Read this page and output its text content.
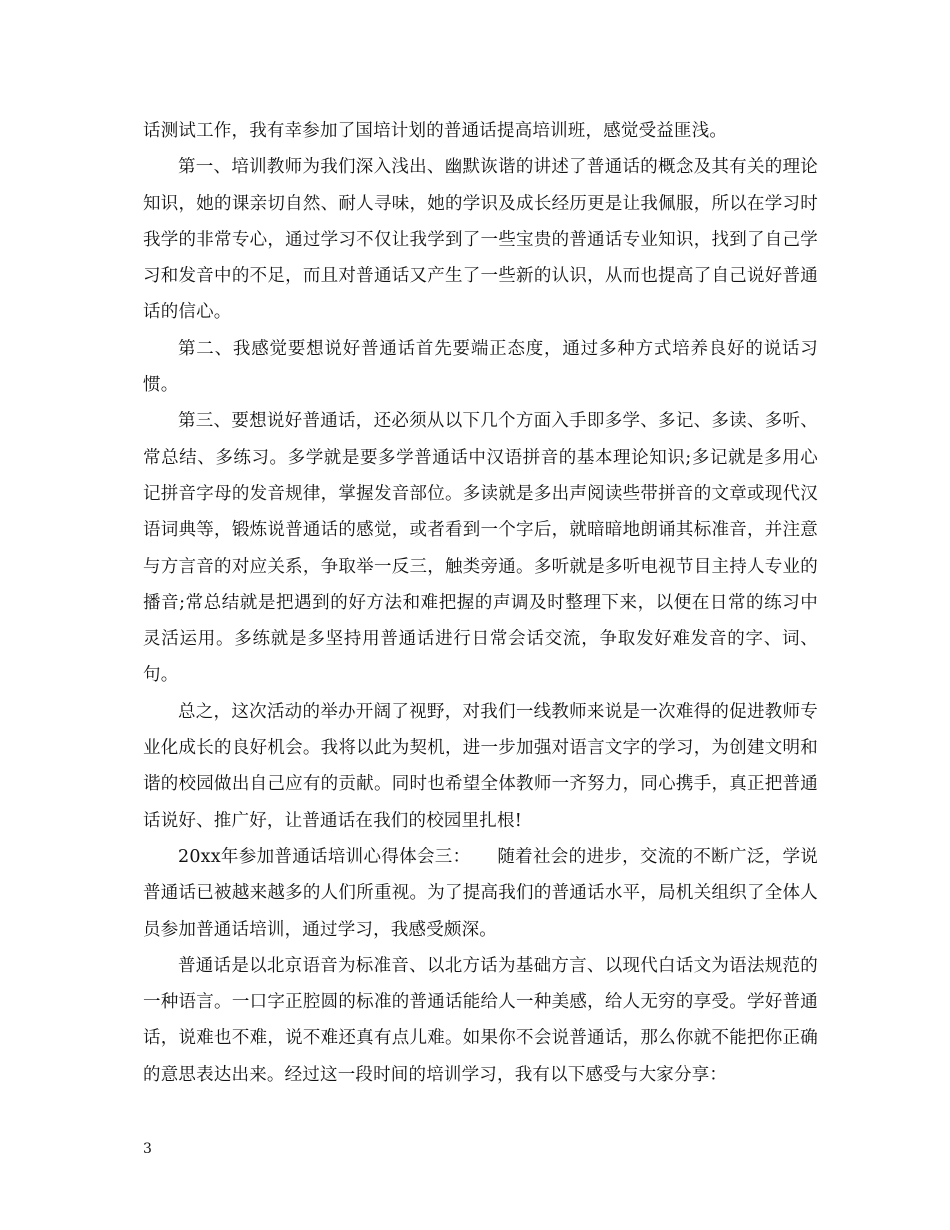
话测试工作，我有幸参加了国培计划的普通话提高培训班，感觉受益匪浅。

第一、培训教师为我们深入浅出、幽默诙谐的讲述了普通话的概念及其有关的理论知识，她的课亲切自然、耐人寻味，她的学识及成长经历更是让我佩服，所以在学习时我学的非常专心，通过学习不仅让我学到了一些宝贵的普通话专业知识，找到了自己学习和发音中的不足，而且对普通话又产生了一些新的认识，从而也提高了自己说好普通话的信心。

第二、我感觉要想说好普通话首先要端正态度，通过多种方式培养良好的说话习惯。

第三、要想说好普通话，还必须从以下几个方面入手即多学、多记、多读、多听、常总结、多练习。多学就是要多学普通话中汉语拼音的基本理论知识;多记就是多用心记拼音字母的发音规律，掌握发音部位。多读就是多出声阅读些带拼音的文章或现代汉语词典等，锻炼说普通话的感觉，或者看到一个字后，就暗暗地朗诵其标准音，并注意与方言音的对应关系，争取举一反三，触类旁通。多听就是多听电视节目主持人专业的播音;常总结就是把遇到的好方法和难把握的声调及时整理下来，以便在日常的练习中灵活运用。多练就是多坚持用普通话进行日常会话交流，争取发好难发音的字、词、句。

总之，这次活动的举办开阔了视野，对我们一线教师来说是一次难得的促进教师专业化成长的良好机会。我将以此为契机，进一步加强对语言文字的学习，为创建文明和谐的校园做出自己应有的贡献。同时也希望全体教师一齐努力，同心携手，真正把普通话说好、推广好，让普通话在我们的校园里扎根!

20xx年参加普通话培训心得体会三：　　随着社会的进步，交流的不断广泛，学说普通话已被越来越多的人们所重视。为了提高我们的普通话水平，局机关组织了全体人员参加普通话培训，通过学习，我感受颇深。

普通话是以北京语音为标准音、以北方话为基础方言、以现代白话文为语法规范的一种语言。一口字正腔圆的标准的普通话能给人一种美感，给人无穷的享受。学好普通话，说难也不难，说不难还真有点儿难。如果你不会说普通话，那么你就不能把你正确的意思表达出来。经过这一段时间的培训学习，我有以下感受与大家分享：

3
